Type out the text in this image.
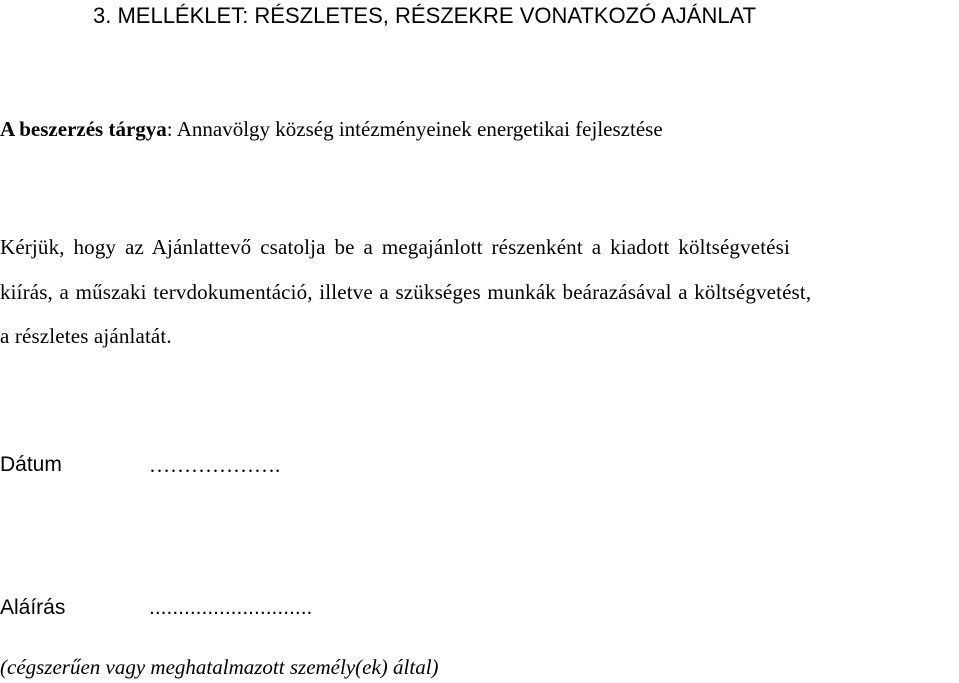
3. MELLÉKLET: RÉSZLETES, RÉSZEKRE VONATKOZÓ AJÁNLAT
A beszerzés tárgya: Annavölgy község intézményeinek energetikai fejlesztése
Kérjük, hogy az Ajánlattevő csatolja be a megajánlott részenként a kiadott költségvetési
kiírás, a műszaki tervdokumentáció, illetve a szükséges munkák beárazásával a költségvetést,
a részletes ajánlatát.
Dátum	……………….
Aláírás	............................
(cégszerűen vagy meghatalmazott személy(ek) által)
